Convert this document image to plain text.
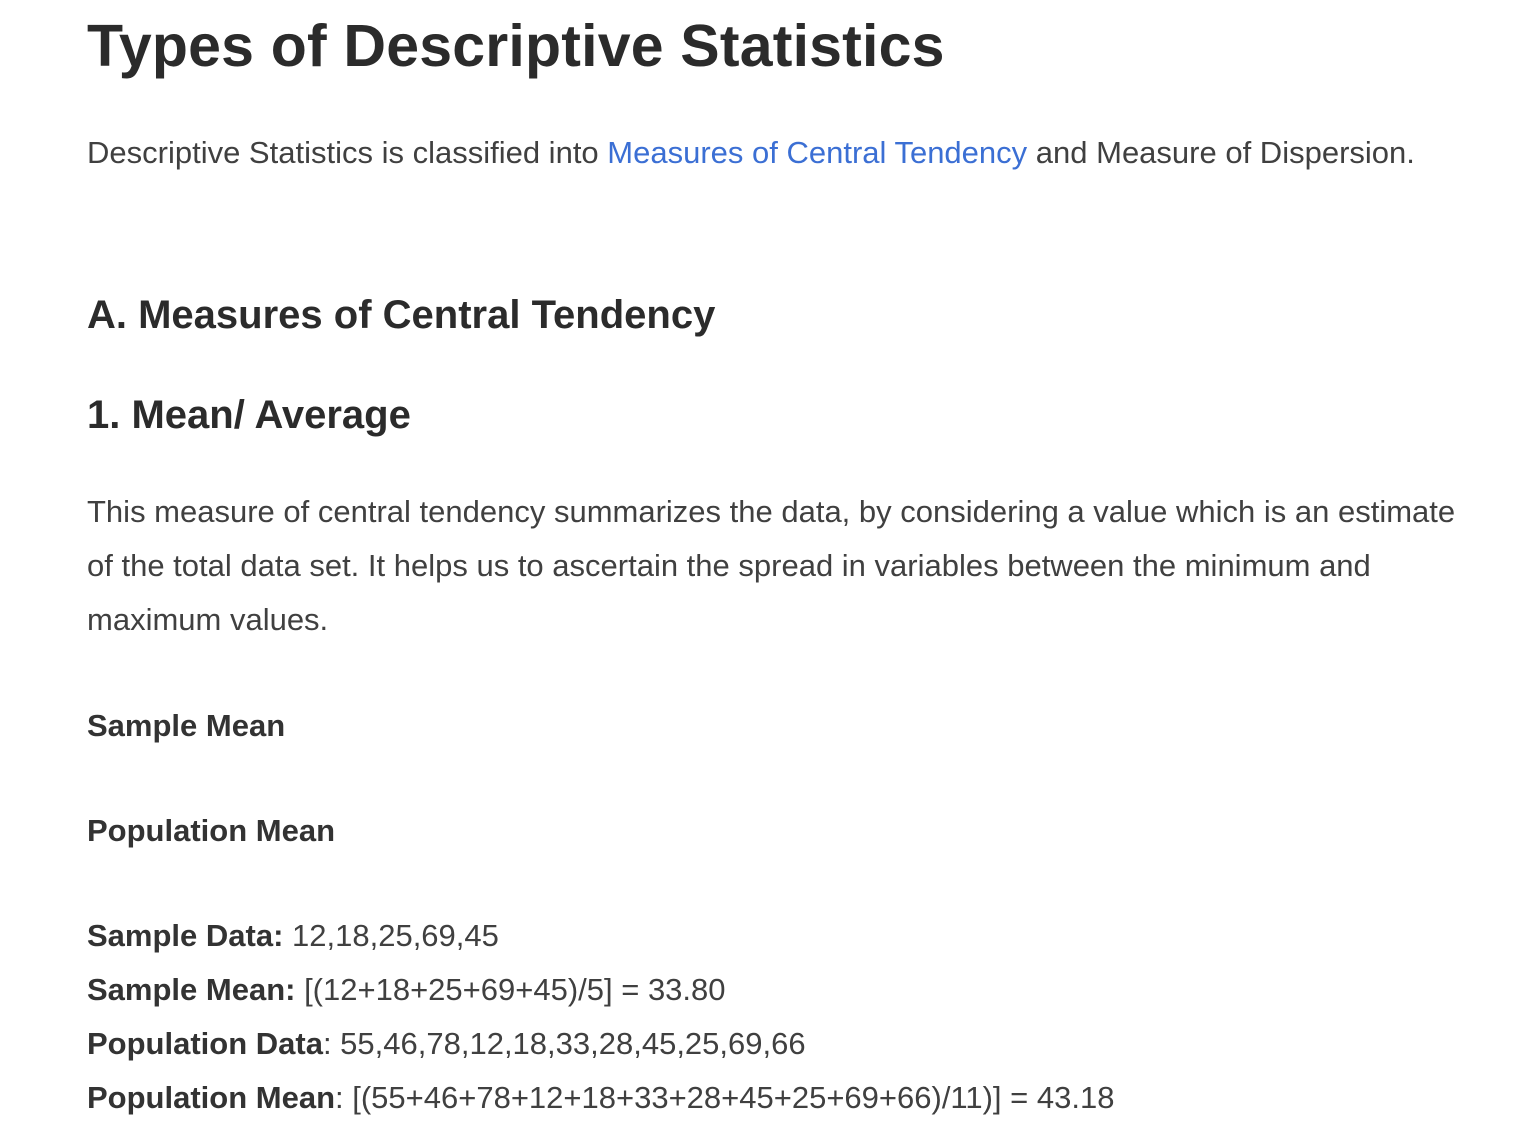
Types of Descriptive Statistics

Descriptive Statistics is classified into Measures of Central Tendency and Measure of Dispersion.

A. Measures of Central Tendency
1. Mean/ Average

This measure of central tendency summarizes the data, by considering a value which is an estimate of the total data set. It helps us to ascertain the spread in variables between the minimum and maximum values.

Sample Mean

Population Mean

Sample Data: 12,18,25,69,45
Sample Mean: [(12+18+25+69+45)/5] = 33.80
Population Data: 55,46,78,12,18,33,28,45,25,69,66
Population Mean: [(55+46+78+12+18+33+28+45+25+69+66)/11)] = 43.18
